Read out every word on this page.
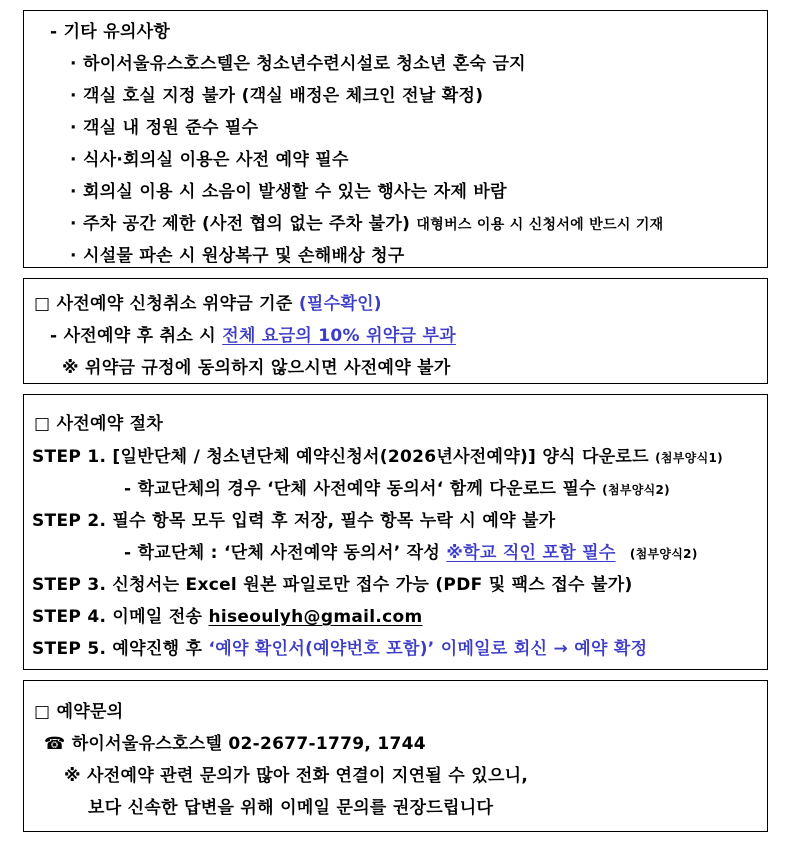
- 기타 유의사항
· 하이서울유스호스텔은 청소년수련시설로 청소년 혼숙 금지
· 객실 호실 지정 불가 (객실 배정은 체크인 전날 확정)
· 객실 내 정원 준수 필수
· 식사·회의실 이용은 사전 예약 필수
· 회의실 이용 시 소음이 발생할 수 있는 행사는 자제 바람
· 주차 공간 제한 (사전 협의 없는 주차 불가) 대형버스 이용 시 신청서에 반드시 기재
· 시설물 파손 시 원상복구 및 손해배상 청구
□ 사전예약 신청취소 위약금 기준 (필수확인)
- 사전예약 후 취소 시 전체 요금의 10% 위약금 부과
※ 위약금 규정에 동의하지 않으시면 사전예약 불가
□ 사전예약 절차
STEP 1. [일반단체 / 청소년단체 예약신청서(2026년사전예약)] 양식 다운로드 (첨부양식1)
- 학교단체의 경우 ‘단체 사전예약 동의서‘ 함께 다운로드 필수 (첨부양식2)
STEP 2. 필수 항목 모두 입력 후 저장, 필수 항목 누락 시 예약 불가
- 학교단체 : ‘단체 사전예약 동의서’ 작성 ※학교 직인 포함 필수 (첨부양식2)
STEP 3. 신청서는 Excel 원본 파일로만 접수 가능 (PDF 및 팩스 접수 불가)
STEP 4. 이메일 전송 hiseoulyh@gmail.com
STEP 5. 예약진행 후 ‘예약 확인서(예약번호 포함)’ 이메일로 회신 → 예약 확정
□ 예약문의
☎ 하이서울유스호스텔 02-2677-1779, 1744
※ 사전예약 관련 문의가 많아 전화 연결이 지연될 수 있으니,
보다 신속한 답변을 위해 이메일 문의를 권장드립니다
